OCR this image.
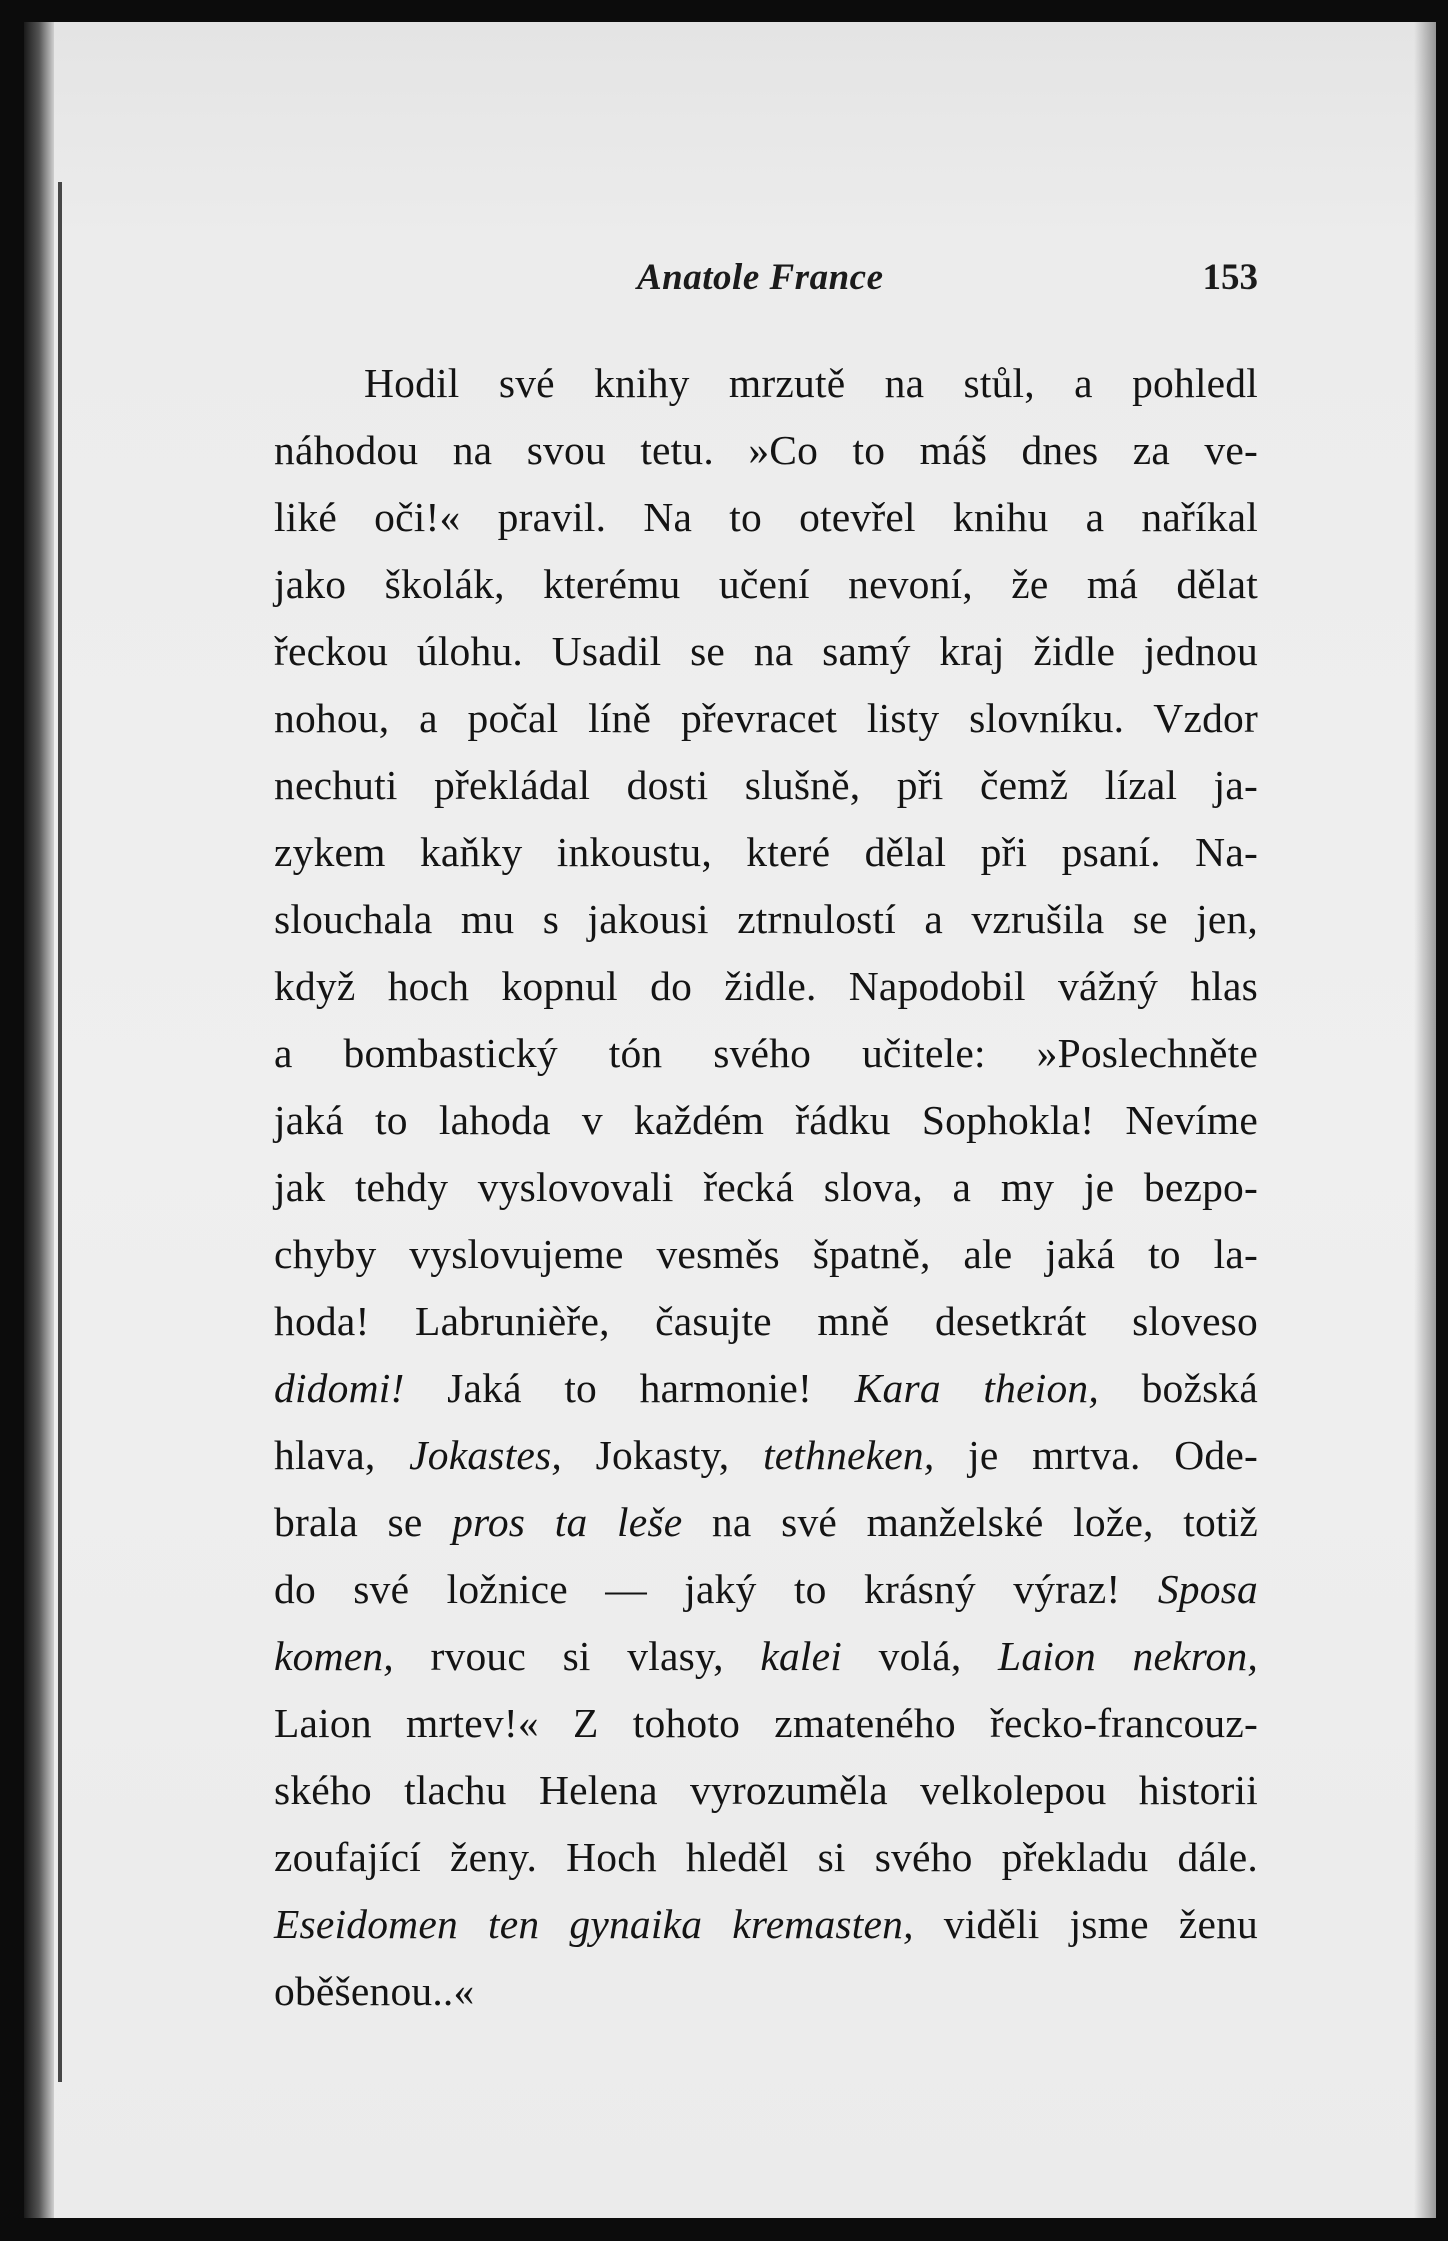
Anatole France	153
Hodil své knihy mrzutě na stůl, a pohledl
náhodou na svou tetu. »Co to máš dnes za ve-
liké oči!« pravil. Na to otevřel knihu a naříkal
jako školák, kterému učení nevoní, že má dělat
řeckou úlohu. Usadil se na samý kraj židle jednou
nohou, a počal líně převracet listy slovníku. Vzdor
nechuti překládal dosti slušně, při čemž lízal ja-
zykem kaňky inkoustu, které dělal při psaní. Na-
slouchala mu s jakousi ztrnulostí a vzrušila se jen,
když hoch kopnul do židle. Napodobil vážný hlas
a bombastický tón svého učitele: »Poslechněte
jaká to lahoda v každém řádku Sophokla! Nevíme
jak tehdy vyslovovali řecká slova, a my je bezpo-
chyby vyslovujeme vesměs špatně, ale jaká to la-
hoda! Labrunièře, časujte mně desetkrát sloveso
didomi! Jaká to harmonie! Kara theion, božská
hlava, Jokastes, Jokasty, tethneken, je mrtva. Ode-
brala se pros ta leše na své manželské lože, totiž
do své ložnice — jaký to krásný výraz! Sposa
komen, rvouc si vlasy, kalei volá, Laion nekron,
Laion mrtev!« Z tohoto zmateného řecko-francouz-
ského tlachu Helena vyrozuměla velkolepou historii
zoufající ženy. Hoch hleděl si svého překladu dále.
Eseidomen ten gynaika kremasten, viděli jsme ženu
oběšenou..«
